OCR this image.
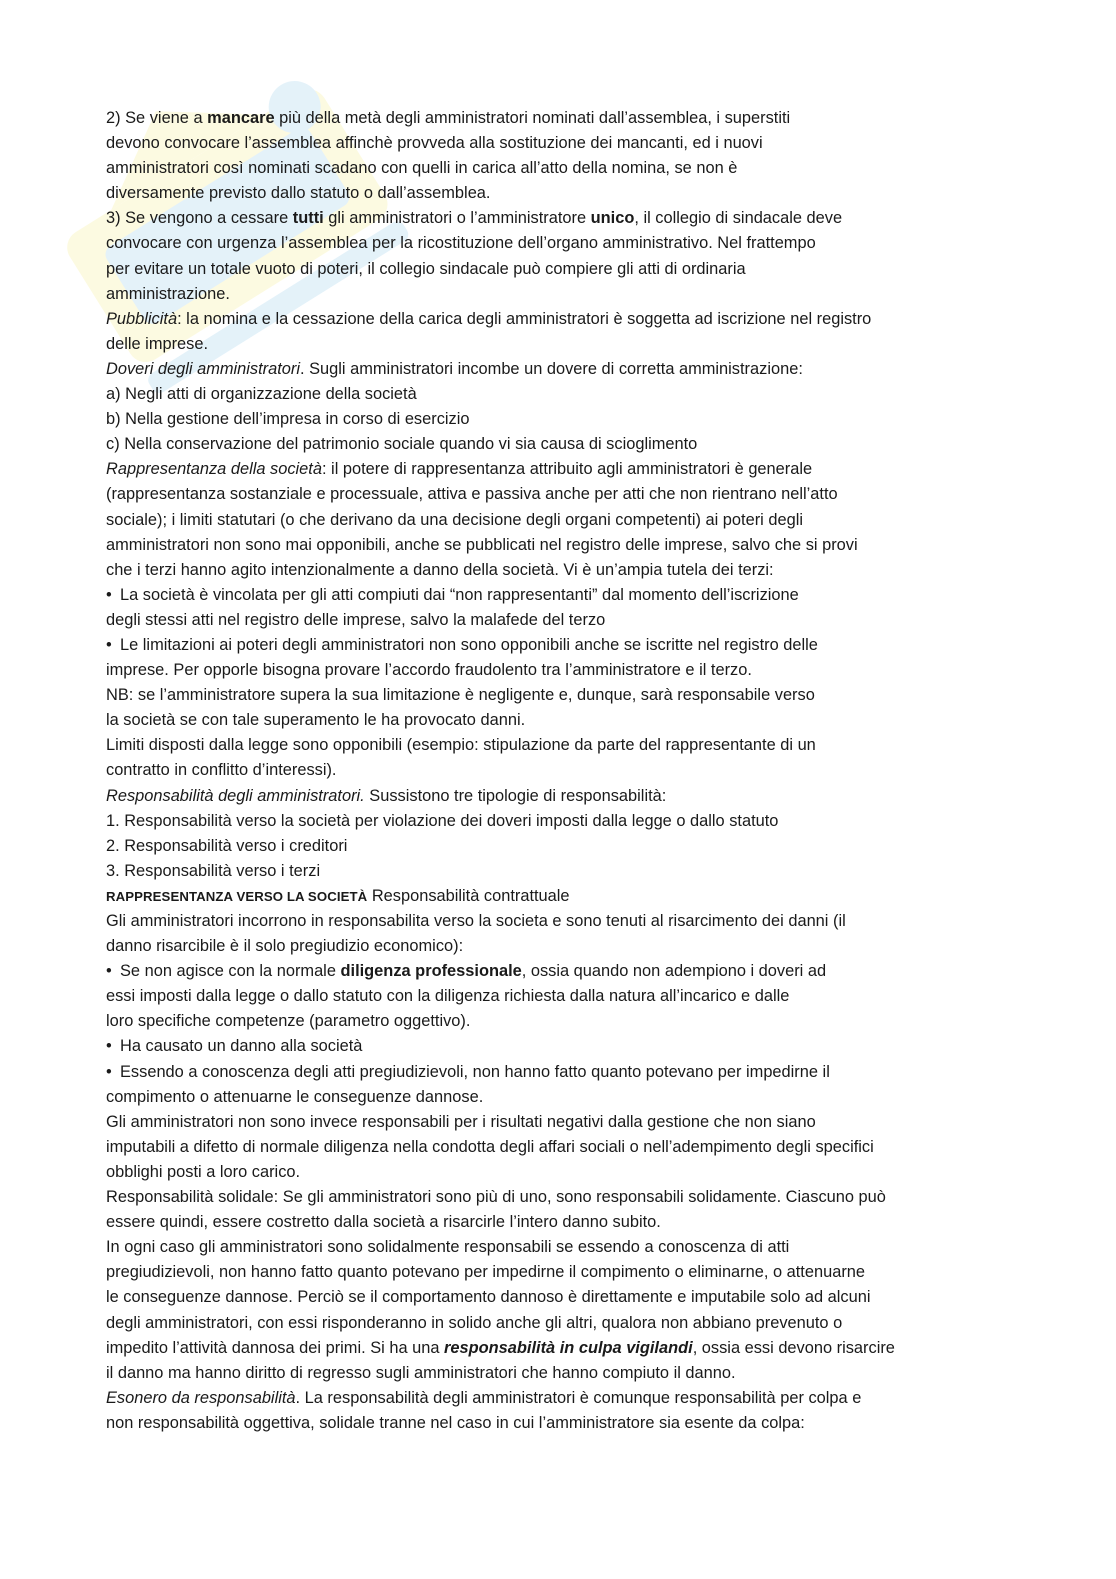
2) Se viene a mancare più della metà degli amministratori nominati dall’assemblea, i superstiti
devono convocare l’assemblea affinchè provveda alla sostituzione dei mancanti, ed i nuovi
amministratori così nominati scadano con quelli in carica all’atto della nomina, se non è
diversamente previsto dallo statuto o dall’assemblea.
3) Se vengono a cessare tutti gli amministratori o l’amministratore unico, il collegio di sindacale deve
convocare con urgenza l’assemblea per la ricostituzione dell’organo amministrativo. Nel frattempo
per evitare un totale vuoto di poteri, il collegio sindacale può compiere gli atti di ordinaria
amministrazione.
Pubblicità: la nomina e la cessazione della carica degli amministratori è soggetta ad iscrizione nel registro
delle imprese.
Doveri degli amministratori. Sugli amministratori incombe un dovere di corretta amministrazione:
a) Negli atti di organizzazione della società
b) Nella gestione dell’impresa in corso di esercizio
c) Nella conservazione del patrimonio sociale quando vi sia causa di scioglimento
Rappresentanza della società: il potere di rappresentanza attribuito agli amministratori è generale
(rappresentanza sostanziale e processuale, attiva e passiva anche per atti che non rientrano nell’atto
sociale); i limiti statutari (o che derivano da una decisione degli organi competenti) ai poteri degli
amministratori non sono mai opponibili, anche se pubblicati nel registro delle imprese, salvo che si provi
che i terzi hanno agito intenzionalmente a danno della società. Vi è un’ampia tutela dei terzi:
• La società è vincolata per gli atti compiuti dai “non rappresentanti” dal momento dell’iscrizione
degli stessi atti nel registro delle imprese, salvo la malafede del terzo
• Le limitazioni ai poteri degli amministratori non sono opponibili anche se iscritte nel registro delle
imprese. Per opporle bisogna provare l’accordo fraudolento tra l’amministratore e il terzo.
NB: se l’amministratore supera la sua limitazione è negligente e, dunque, sarà responsabile verso
la società se con tale superamento le ha provocato danni.
Limiti disposti dalla legge sono opponibili (esempio: stipulazione da parte del rappresentante di un
contratto in conflitto d’interessi).
Responsabilità degli amministratori. Sussistono tre tipologie di responsabilità:
1. Responsabilità verso la società per violazione dei doveri imposti dalla legge o dallo statuto
2. Responsabilità verso i creditori
3. Responsabilità verso i terzi
RAPPRESENTANZA VERSO LA SOCIETÀ Responsabilità contrattuale
Gli amministratori incorrono in responsabilita verso la societa e sono tenuti al risarcimento dei danni (il
danno risarcibile è il solo pregiudizio economico):
• Se non agisce con la normale diligenza professionale, ossia quando non adempiono i doveri ad
essi imposti dalla legge o dallo statuto con la diligenza richiesta dalla natura all’incarico e dalle
loro specifiche competenze (parametro oggettivo).
• Ha causato un danno alla società
• Essendo a conoscenza degli atti pregiudizievoli, non hanno fatto quanto potevano per impedirne il
compimento o attenuarne le conseguenze dannose.
Gli amministratori non sono invece responsabili per i risultati negativi dalla gestione che non siano
imputabili a difetto di normale diligenza nella condotta degli affari sociali o nell’adempimento degli specifici
obblighi posti a loro carico.
Responsabilità solidale: Se gli amministratori sono più di uno, sono responsabili solidamente. Ciascuno può
essere quindi, essere costretto dalla società a risarcirle l’intero danno subito.
In ogni caso gli amministratori sono solidalmente responsabili se essendo a conoscenza di atti
pregiudizievoli, non hanno fatto quanto potevano per impedirne il compimento o eliminarne, o attenuarne
le conseguenze dannose. Perciò se il comportamento dannoso è direttamente e imputabile solo ad alcuni
degli amministratori, con essi risponderanno in solido anche gli altri, qualora non abbiano prevenuto o
impedito l’attività dannosa dei primi. Si ha una responsabilità in culpa vigilandi, ossia essi devono risarcire
il danno ma hanno diritto di regresso sugli amministratori che hanno compiuto il danno.
Esonero da responsabilità. La responsabilità degli amministratori è comunque responsabilità per colpa e
non responsabilità oggettiva, solidale tranne nel caso in cui l’amministratore sia esente da colpa:
